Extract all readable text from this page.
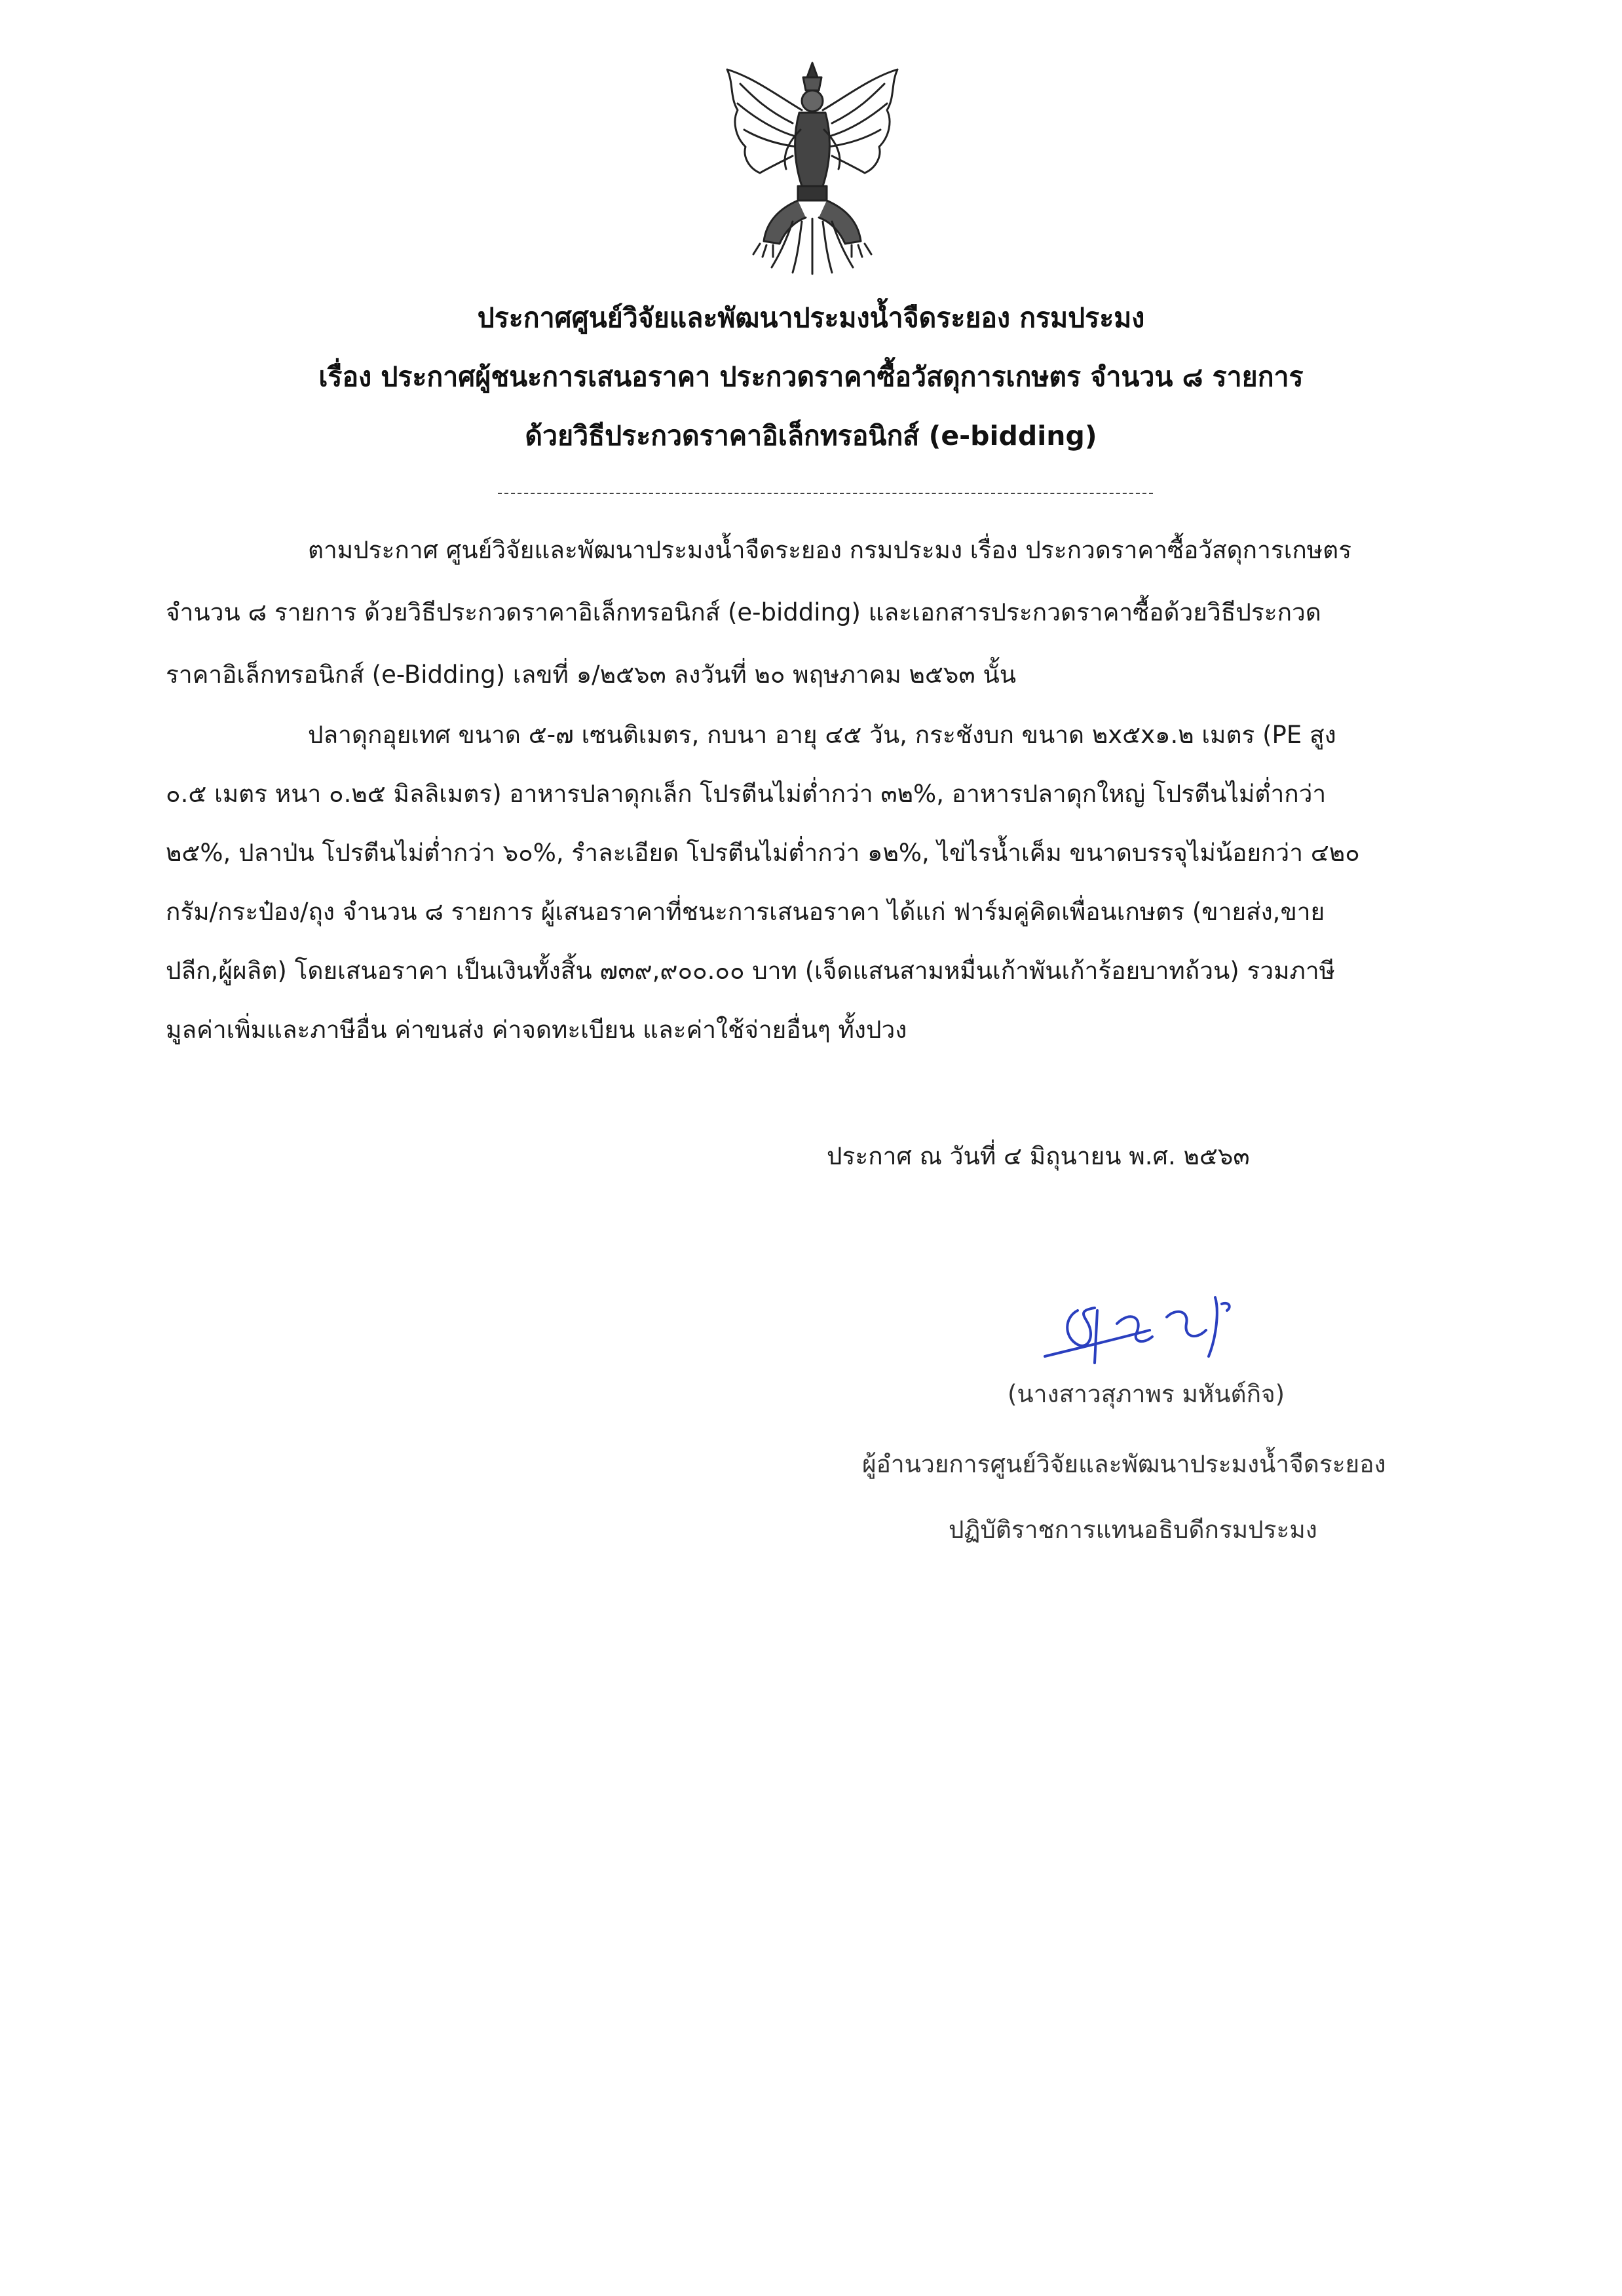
ประกาศศูนย์วิจัยและพัฒนาประมงน้ำจืดระยอง กรมประมง
เรื่อง ประกาศผู้ชนะการเสนอราคา ประกวดราคาซื้อวัสดุการเกษตร จำนวน ๘ รายการ
ด้วยวิธีประกวดราคาอิเล็กทรอนิกส์ (e-bidding)
ตามประกาศ ศูนย์วิจัยและพัฒนาประมงน้ำจืดระยอง กรมประมง เรื่อง ประกวดราคาซื้อวัสดุการเกษตร
จำนวน ๘ รายการ ด้วยวิธีประกวดราคาอิเล็กทรอนิกส์ (e-bidding) และเอกสารประกวดราคาซื้อด้วยวิธีประกวด
ราคาอิเล็กทรอนิกส์ (e-Bidding) เลขที่ ๑/๒๕๖๓ ลงวันที่ ๒๐ พฤษภาคม ๒๕๖๓ นั้น
ปลาดุกอุยเทศ ขนาด ๕-๗ เซนติเมตร, กบนา อายุ ๔๕ วัน, กระชังบก ขนาด ๒x๕x๑.๒ เมตร (PE สูง
๐.๕ เมตร หนา ๐.๒๕ มิลลิเมตร) อาหารปลาดุกเล็ก โปรตีนไม่ต่ำกว่า ๓๒%, อาหารปลาดุกใหญ่ โปรตีนไม่ต่ำกว่า
๒๕%, ปลาป่น โปรตีนไม่ต่ำกว่า ๖๐%, รำละเอียด โปรตีนไม่ต่ำกว่า ๑๒%, ไข่ไรน้ำเค็ม ขนาดบรรจุไม่น้อยกว่า ๔๒๐
กรัม/กระป๋อง/ถุง จำนวน ๘ รายการ ผู้เสนอราคาที่ชนะการเสนอราคา ได้แก่ ฟาร์มคู่คิดเพื่อนเกษตร (ขายส่ง,ขาย
ปลีก,ผู้ผลิต) โดยเสนอราคา เป็นเงินทั้งสิ้น ๗๓๙,๙๐๐.๐๐ บาท (เจ็ดแสนสามหมื่นเก้าพันเก้าร้อยบาทถ้วน) รวมภาษี
มูลค่าเพิ่มและภาษีอื่น ค่าขนส่ง ค่าจดทะเบียน และค่าใช้จ่ายอื่นๆ ทั้งปวง
ประกาศ ณ วันที่ ๔ มิถุนายน พ.ศ. ๒๕๖๓
(นางสาวสุภาพร มหันต์กิจ)
ผู้อำนวยการศูนย์วิจัยและพัฒนาประมงน้ำจืดระยอง
ปฏิบัติราชการแทนอธิบดีกรมประมง
